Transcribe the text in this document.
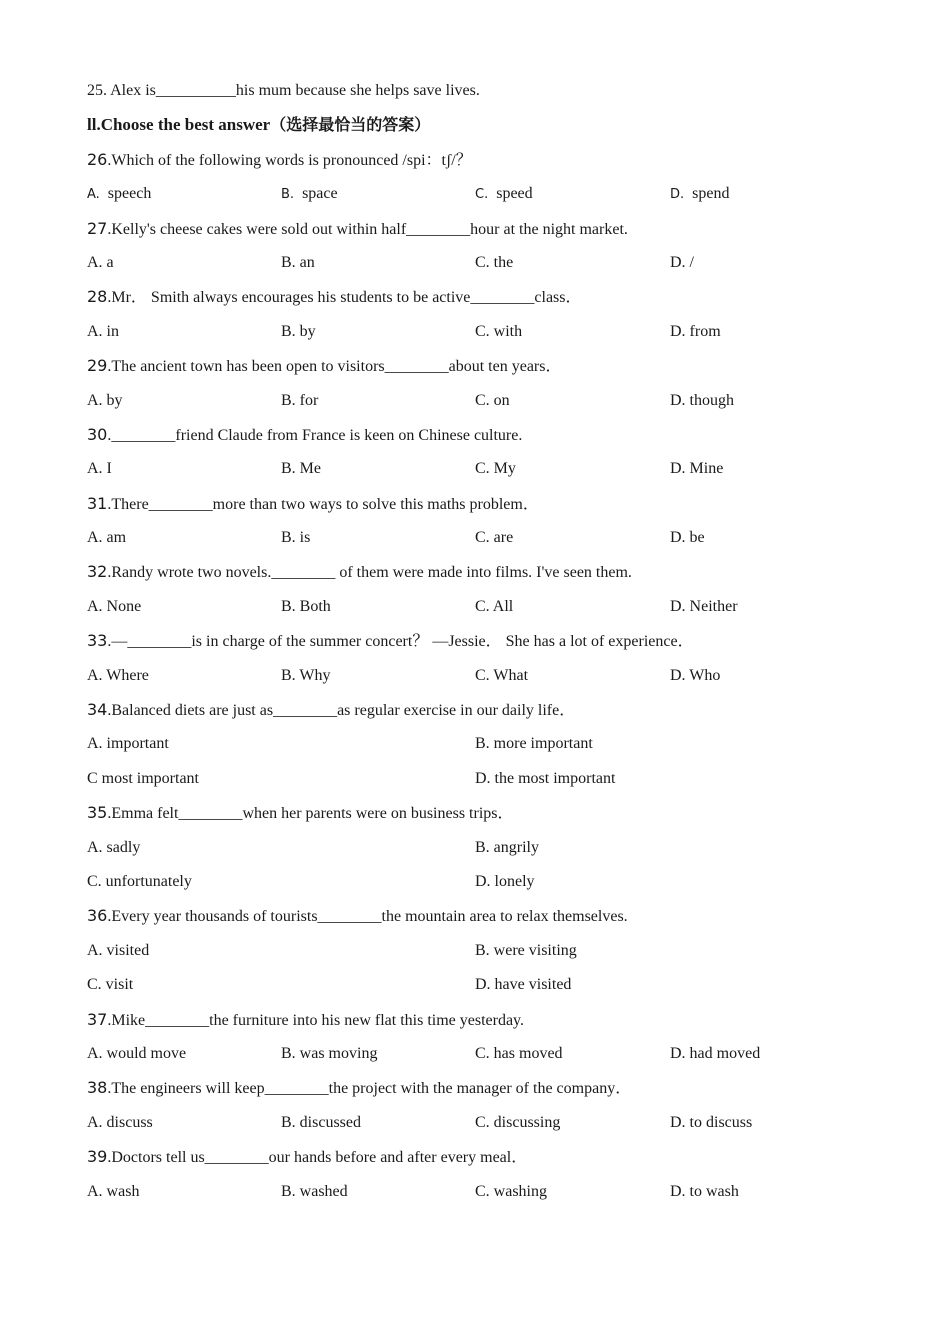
25. Alex is__________his mum because she helps save lives.
ll.Choose the best answer（选择最恰当的答案）
26.Which of the following words is pronounced /spi：tʃ/？
A. speech	B. space	C. speed	D. spend
27.Kelly's cheese cakes were sold out within half________hour at the night market.
A. a	B. an	C. the	D. /
28.Mr． Smith always encourages his students to be active________class．
A. in	B. by	C. with	D. from
29.The ancient town has been open to visitors________about ten years．
A. by	B. for	C. on	D. though
30.________friend Claude from France is keen on Chinese culture.
A. I	B. Me	C. My	D. Mine
31.There________more than two ways to solve this maths problem．
A. am	B. is	C. are	D. be
32.Randy wrote two novels.________ of them were made into films. I've seen them.
A. None	B. Both	C. All	D. Neither
33.—________is in charge of the summer concert？ —Jessie． She has a lot of experience．
A. Where	B. Why	C. What	D. Who
34.Balanced diets are just as________as regular exercise in our daily life．
A. important	B. more important
C most important	D. the most important
35.Emma felt________when her parents were on business trips．
A. sadly	B. angrily
C. unfortunately	D. lonely
36.Every year thousands of tourists________the mountain area to relax themselves.
A. visited	B. were visiting
C. visit	D. have visited
37.Mike________the furniture into his new flat this time yesterday.
A. would move	B. was moving	C. has moved	D. had moved
38.The engineers will keep________the project with the manager of the company．
A. discuss	B. discussed	C. discussing	D. to discuss
39.Doctors tell us________our hands before and after every meal．
A. wash	B. washed	C. washing	D. to wash
